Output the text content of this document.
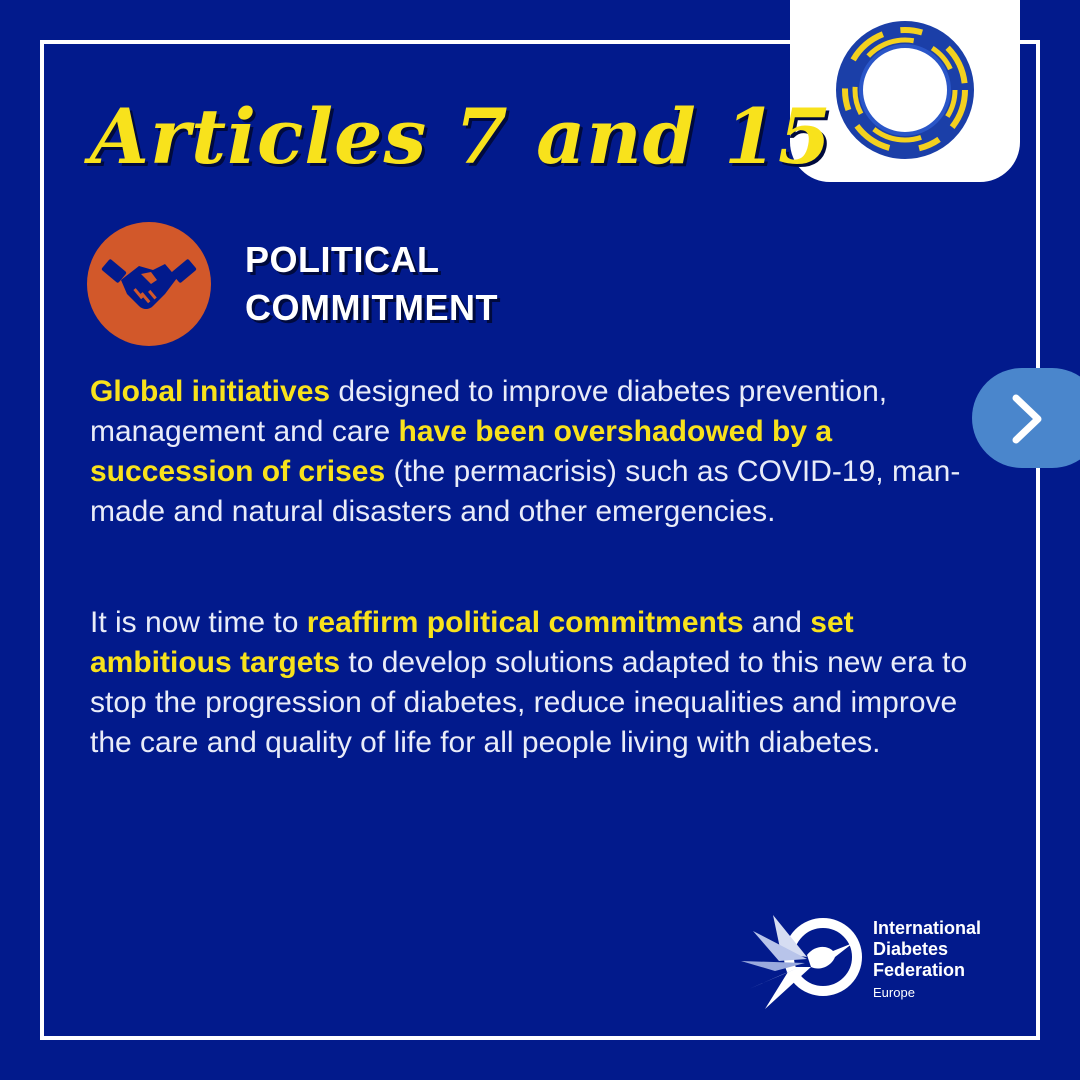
Articles 7 and 15
POLITICAL
COMMITMENT
Global initiatives designed to improve diabetes prevention, management and care have been overshadowed by a succession of crises (the permacrisis) such as COVID-19, man-made and natural disasters and other emergencies.
It is now time to reaffirm political commitments and set ambitious targets to develop solutions adapted to this new era to stop the progression of diabetes, reduce inequalities and improve the care and quality of life for all people living with diabetes.
International
Diabetes
Federation
Europe
